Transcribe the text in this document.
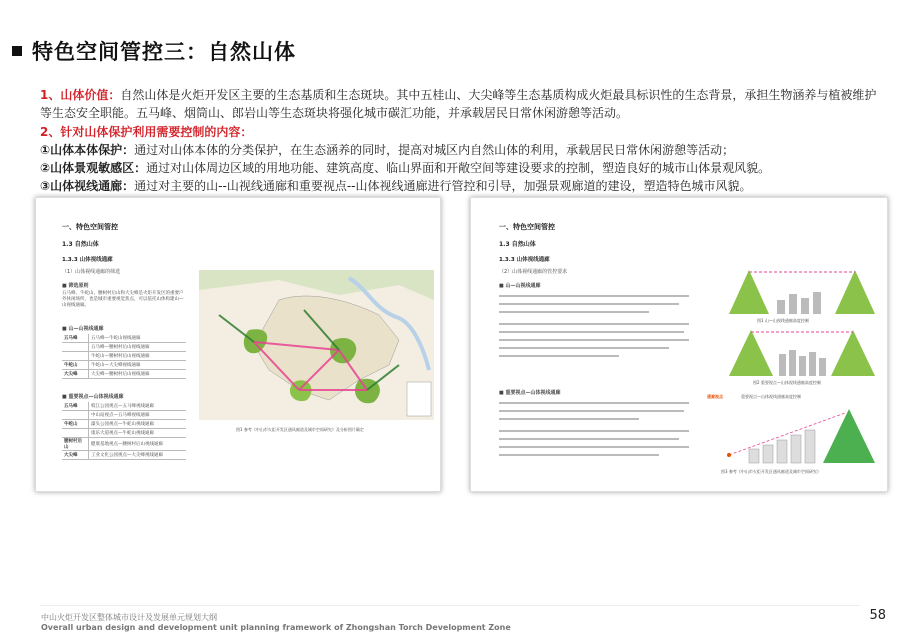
特色空间管控三：自然山体
1、山体价值：自然山体是火炬开发区主要的生态基质和生态斑块。其中五桂山、大尖峰等生态基质构成火炬最具标识性的生态背景，承担生物涵养与植被维护等生态安全职能。五马峰、烟筒山、郎岩山等生态斑块将强化城市碳汇功能，并承载居民日常休闲游憩等活动。
2、针对山体保护利用需要控制的内容：
①山体本体保护：通过对山体本体的分类保护，在生态涵养的同时，提高对城区内自然山体的利用，承载居民日常休闲游憩等活动；
②山体景观敏感区：通过对山体周边区域的用地功能、建筑高度、临山界面和开敞空间等建设要求的控制，塑造良好的城市山体景观风貌。
③山体视线通廊：通过对主要的山--山视线通廊和重要视点--山体视线通廊进行管控和引导，加强景观廊道的建设，塑造特色城市风貌。
一、特色空间管控
1.3 自然山体
1.3.3 山体视线通廊
（1）山体视线通廊的筛选
■ 筛选原则
五马峰、牛蛇山、腰树村后山和大尖峰是火炬开发区的重要户外休闲场所，也是城市重要视觉焦点，可以依托山体构建山—山视线通廊。
■ 山—山视线通廊
五马峰	五马峰—牛蛇山视线通廊
	五马峰—腰树村后山视线通廊
	牛蛇山—腰树村后山视线通廊
牛蛇山	牛蛇山—大尖峰视线通廊
大尖峰	大尖峰—腰树村后山视线通廊
■ 重要视点—山体视线通廊
五马峰	岐江公园视点—五马峰视线通廊
	中山站视点—五马峰视线通廊
牛蛇山	濠头公园视点—牛蛇山视线通廊
	康乐大道视点—牛蛇山视线通廊
腰树村后山	健康基地视点—腰树村后山视线通廊
大尖峰	工业文化公园视点—大尖峰视线通廊
图1 参考《中山市火炬开发区通风廊道及城市空间研究》及分析图片确定
一、特色空间管控
1.3 自然山体
1.3.3 山体视线通廊
（2）山体视线通廊的管控要求
■ 山—山视线通廊
■ 重要视点—山体视线通廊
图1 山—山视线通廊高度控制
图2 重要视点—山体视线通廊高度控制
通廊视点	重要视点—山体视线通廊高度控制
图3 参考《中山市火炬开发区通风廊道及城市空间研究》
中山火炬开发区整体城市设计及发展单元规划大纲
Overall urban design and development unit planning framework of Zhongshan Torch Development Zone
58
